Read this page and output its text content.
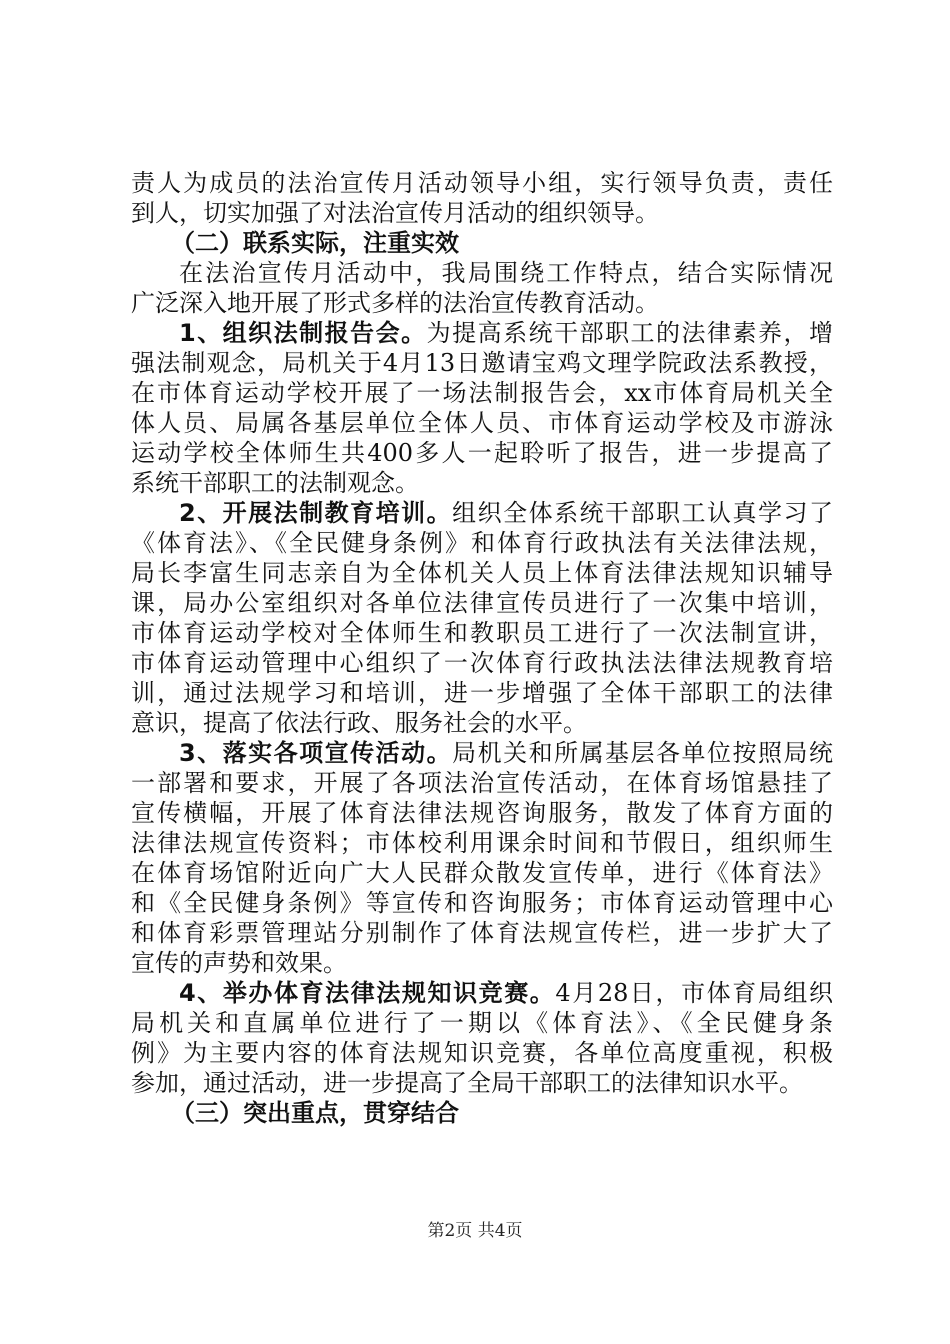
责人为成员的法治宣传月活动领导小组，实行领导负责，责任
到人，切实加强了对法治宣传月活动的组织领导。
（二）联系实际，注重实效
在法治宣传月活动中，我局围绕工作特点，结合实际情况
广泛深入地开展了形式多样的法治宣传教育活动。
1、组织法制报告会。为提高系统干部职工的法律素养，增
强法制观念，局机关于4月13日邀请宝鸡文理学院政法系教授，
在市体育运动学校开展了一场法制报告会，xx市体育局机关全
体人员、局属各基层单位全体人员、市体育运动学校及市游泳
运动学校全体师生共400多人一起聆听了报告，进一步提高了
系统干部职工的法制观念。
2、开展法制教育培训。组织全体系统干部职工认真学习了
《体育法》、《全民健身条例》和体育行政执法有关法律法规，
局长李富生同志亲自为全体机关人员上体育法律法规知识辅导
课，局办公室组织对各单位法律宣传员进行了一次集中培训，
市体育运动学校对全体师生和教职员工进行了一次法制宣讲，
市体育运动管理中心组织了一次体育行政执法法律法规教育培
训，通过法规学习和培训，进一步增强了全体干部职工的法律
意识，提高了依法行政、服务社会的水平。
3、落实各项宣传活动。局机关和所属基层各单位按照局统
一部署和要求，开展了各项法治宣传活动，在体育场馆悬挂了
宣传横幅，开展了体育法律法规咨询服务，散发了体育方面的
法律法规宣传资料；市体校利用课余时间和节假日，组织师生
在体育场馆附近向广大人民群众散发宣传单，进行《体育法》
和《全民健身条例》等宣传和咨询服务；市体育运动管理中心
和体育彩票管理站分别制作了体育法规宣传栏，进一步扩大了
宣传的声势和效果。
4、举办体育法律法规知识竞赛。4月28日，市体育局组织
局机关和直属单位进行了一期以《体育法》、《全民健身条
例》为主要内容的体育法规知识竞赛，各单位高度重视，积极
参加，通过活动，进一步提高了全局干部职工的法律知识水平。
（三）突出重点，贯穿结合
第2页 共4页
